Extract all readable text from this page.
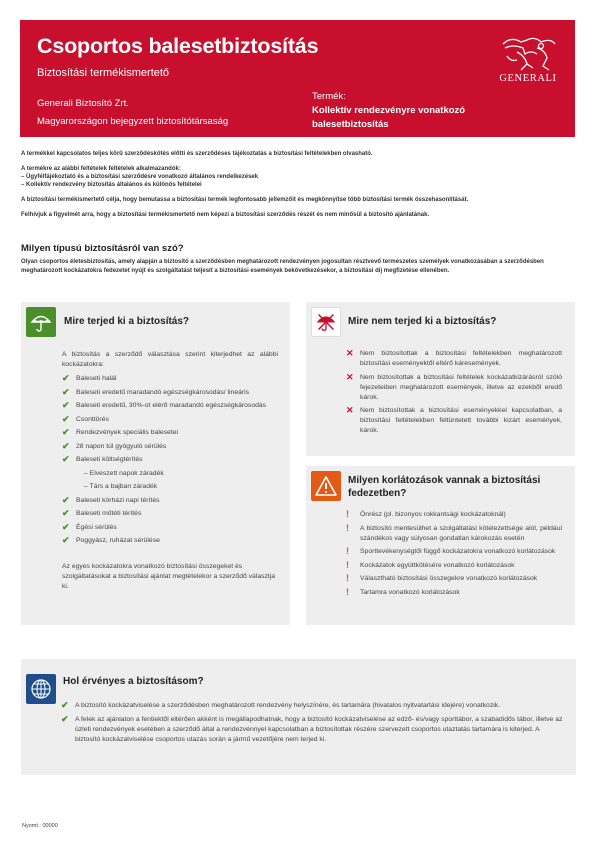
Csoportos balesetbiztosítás
Biztosítási termékismertető
Generali Biztosító Zrt.
Magyarországon bejegyzett biztosítótársaság
Termék:
Kollektív rendezvényre vonatkozó
balesetbiztosítás
GENERALI

A termékkel kapcsolatos teljes körű szerződéskötés előtti és szerződéses tájékoztatás a biztosítási feltételekben olvasható.

A termékre az alábbi feltételek feltételek alkalmazandók:
– Ügyfélfájékoztató és a biztosítási szerződésre vonatkozó általános rendelkezések
– Kollektív rendezvény biztosítás általános és különös feltételei

A biztosítási termékismertető célja, hogy bemutassa a biztosítási termék legfontosabb jellemzőit és megkönnyítse több biztosítási termék összehasonlítását.

Felhívjuk a figyelmét arra, hogy a biztosítási termékismertető nem képezi a biztosítási szerződés részét és nem minősül a biztosító ajánlatának.

Milyen típusú biztosításról van szó?
Olyan csoportos életesbiztosítás, amely alapján a biztosító a szerződésben meghatározott rendezvényen jogosultan résztvevő természetes személyek vonatkozásában a szerződésben meghatározott kockázatokra fedezetet nyújt és szolgáltatást teljesít a biztosítási események bekövetkezésekor, a biztosítási díj megfizetése ellenében.
Mire terjed ki a biztosítás?

A biztosítás a szerződő választása szerint kiterjedhet az alábbi kockázatokra:

✔ Baleseti halál
✔ Baleseti eredetű maradandó egészségkárosodás/ lineáris
✔ Baleseti eredetű, 30%-ot elérő maradandó egészségkárosodás
✔ Csonttörés
✔ Rendezvények speciális balesetei
✔ 28 napon túl gyógyuló sérülés
✔ Baleseti költségtérítés
– Elveszett napok záradék
– Társ a bajban záradék
✔ Baleseti kórházi napi térítés
✔ Baleseti műtéti térítés
✔ Égési sérülés
✔ Poggyász, ruházat sérülése

Az egyes kockázatokra vonatkozó biztosítási összegeket és szolgáltatásokat a biztosítási ajánlat megtételekor a szerződő választja ki.

Mire nem terjed ki a biztosítás?
✕ Nem biztosítottak a biztosítási feltételekben meghatározott biztosítási eseményektől eltérő káresemények.
✕ Nem biztosítottak a biztosítási feltételek kockázatkizárásról szóló fejezeteiben meghatározott események, illetve az ezekből eredő károk.
✕ Nem biztosítottak a biztosítási eseményekkel kapcsolatban, a biztosítási feltételekben feltüntetett további kizárt események, károk.
Milyen korlátozások vannak a biztosítási fedezetben?
! Önrész (pl. bizonyos rokkantsági kockázatoknál)
! A biztosító mentesülhet a szolgáltatási kötelezettsége alól, például szándékos vagy súlyosan gondatlan károkozás esetén
! Sporttevékenységtől függő kockázatokra vonatkozó korlátozások
! Kockázatok együttkötésére vonatkozó korlátozások
! Választható biztosítási összegekre vonatkozó korlátozások
! Tartamra vonatkozó korlátozások
Hol érvényes a biztosításom?
✔ A biztosító kockázatviselése a szerződésben meghatározott rendezvény helyszínére, és tartamára (hivatalos nyitvatartási idejére) vonatkozik.
✔ A felek az ajánlaton a fentiektől eltérően akként is megállapodhatnak, hogy a biztosító kockázatviselése az edző- és/vagy sporttábor, a szabadidős tábor, illetve az üzleti rendezvények esetében a szerződő által a rendezvénnyel kapcsolatban a biztosítottak részére szervezett csoportos utaztatás tartamára is kiterjed. A biztosító kockázatviselése csoportos utazás során a jármű vezetőjére nem terjed ki.
Nyomt.: 00000
